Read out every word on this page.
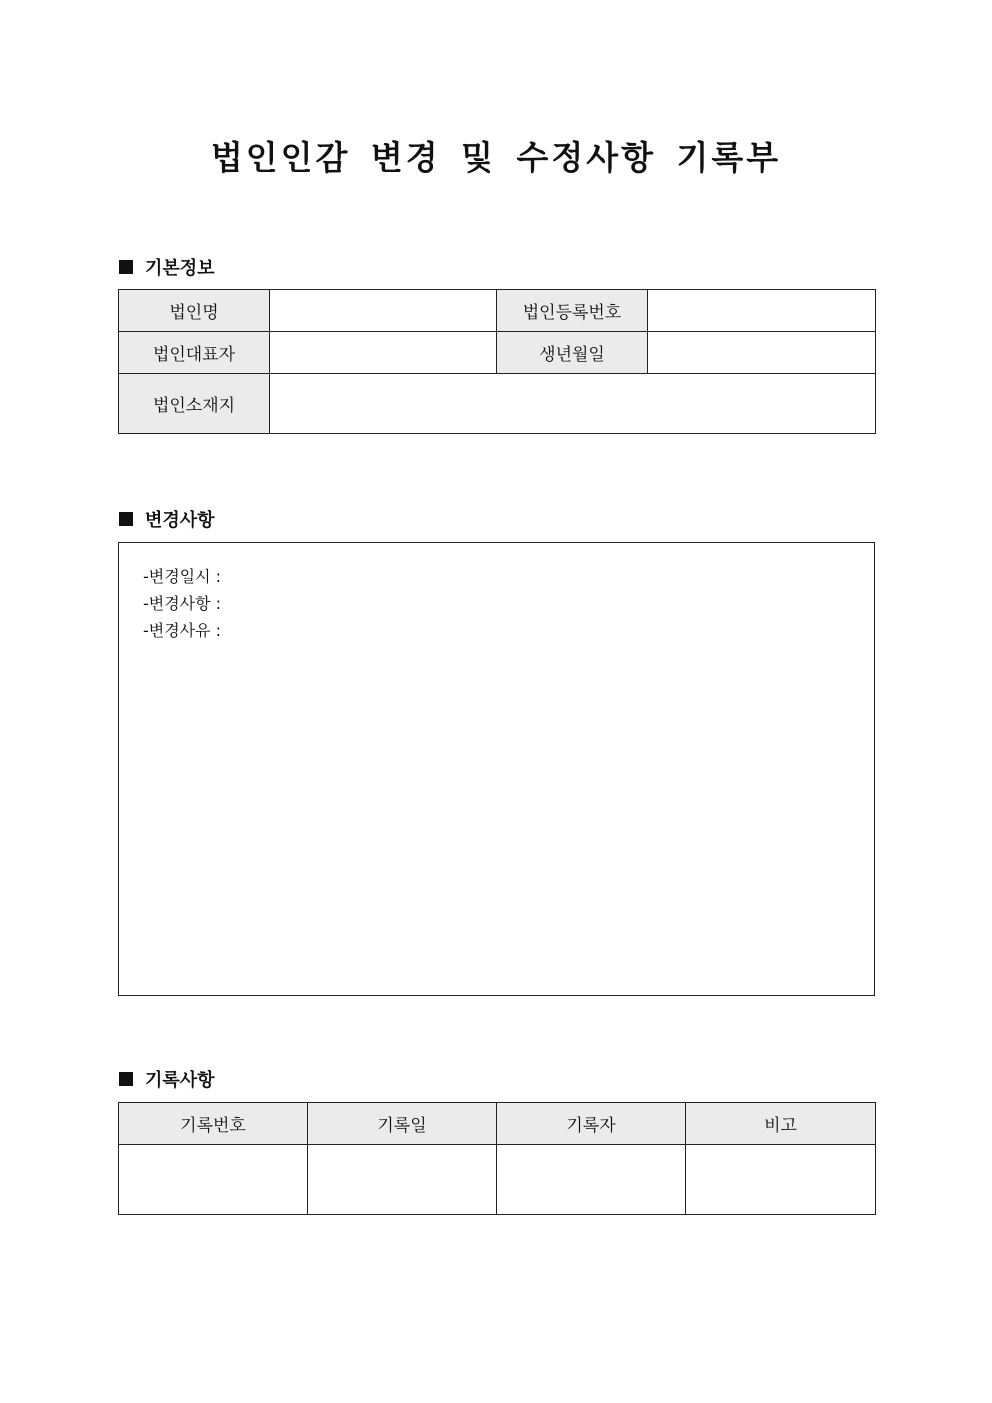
법인인감 변경 및 수정사항 기록부
기본정보
법인명		법인등록번호	
법인대표자		생년월일	
법인소재지			
변경사항
-변경일시 :
-변경사항 :
-변경사유 :
기록사항
기록번호	기록일	기록자	비고
